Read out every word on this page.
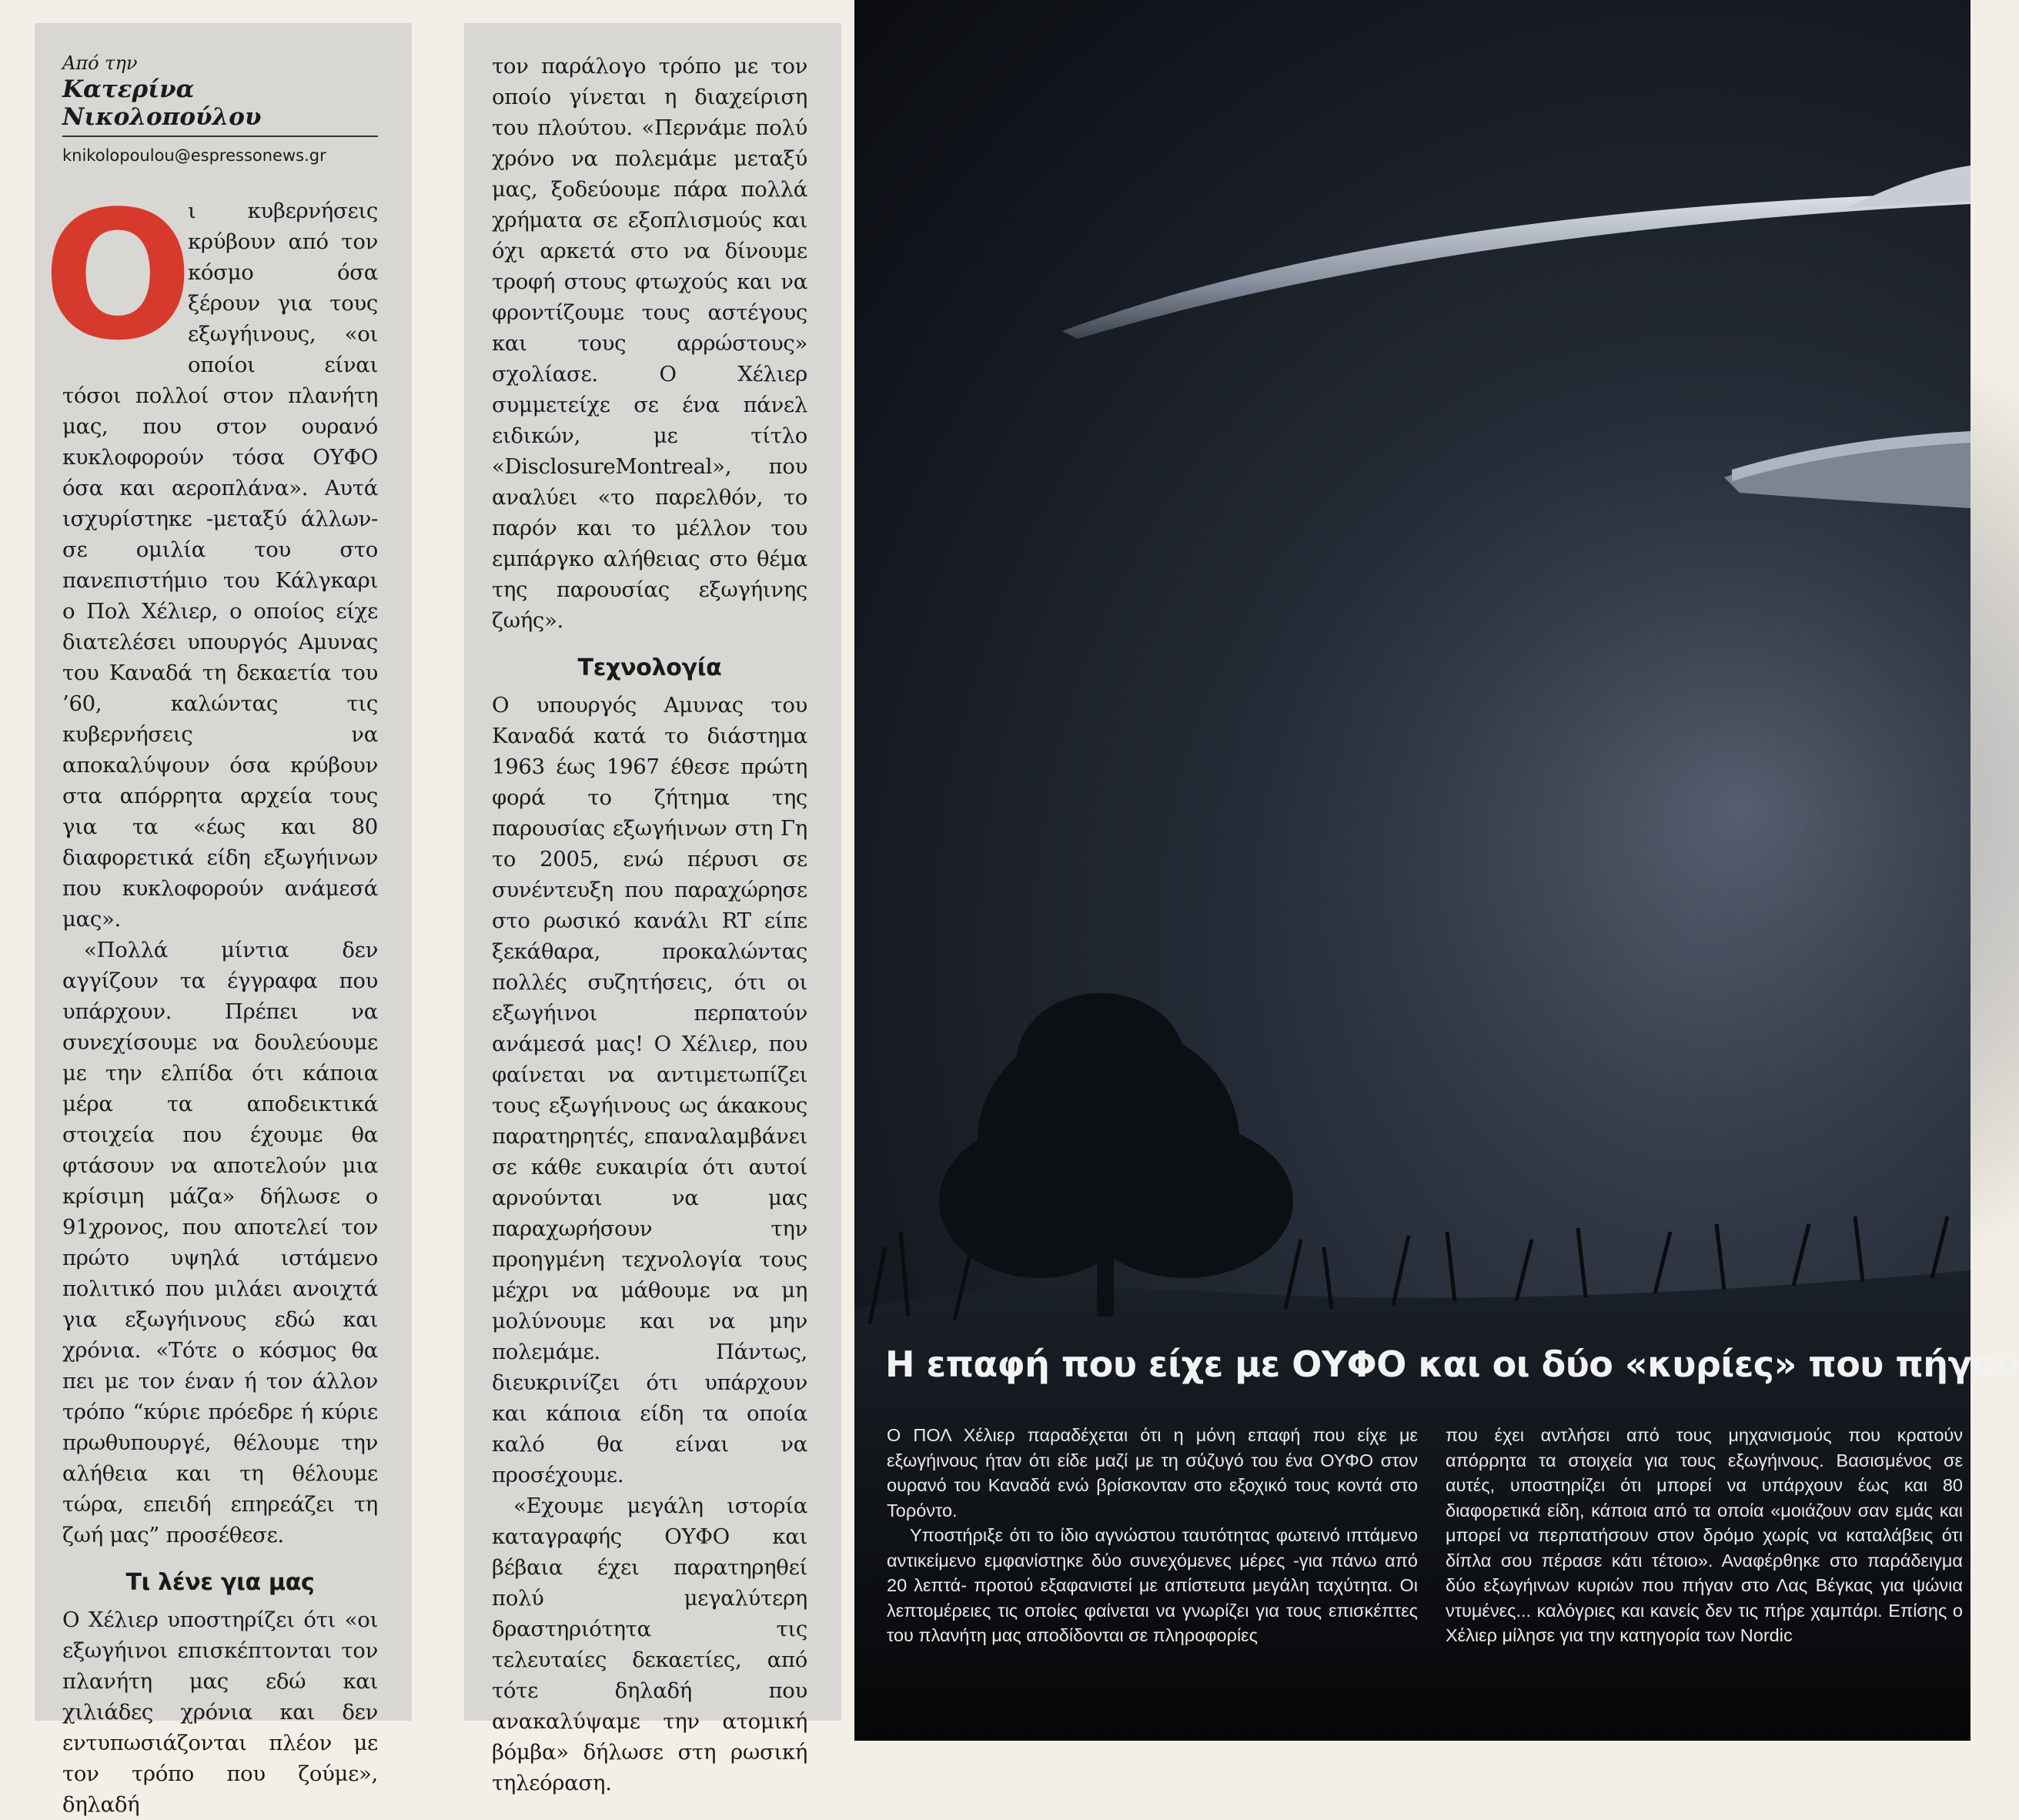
Από την
Κατερίνα Νικολοπούλου
knikolopoulou@espressonews.gr
Ο

ι κυβερνήσεις κρύβουν από τον κόσμο όσα ξέρουν για τους εξωγήινους, «οι οποίοι είναι τόσοι πολλοί στον πλανήτη μας, που στον ουρανό κυκλοφορούν τόσα ΟΥΦΟ όσα και αεροπλάνα». Αυτά ισχυρίστηκε -μεταξύ άλλων- σε ομιλία του στο πανεπιστήμιο του Κάλγκαρι ο Πολ Χέλιερ, ο οποίος είχε διατελέσει υπουργός Αμυνας του Καναδά τη δεκαετία του ’60, καλώντας τις κυβερνήσεις να αποκαλύψουν όσα κρύβουν στα απόρρητα αρχεία τους για τα «έως και 80 διαφορετικά είδη εξωγήινων που κυκλοφορούν ανάμεσά μας».

«Πολλά μίντια δεν αγγίζουν τα έγγραφα που υπάρχουν. Πρέπει να συνεχίσουμε να δουλεύουμε με την ελπίδα ότι κάποια μέρα τα αποδεικτικά στοιχεία που έχουμε θα φτάσουν να αποτελούν μια κρίσιμη μάζα» δήλωσε ο 91χρονος, που αποτελεί τον πρώτο υψηλά ιστάμενο πολιτικό που μιλάει ανοιχτά για εξωγήινους εδώ και χρόνια. «Τότε ο κόσμος θα πει με τον έναν ή τον άλλον τρόπο “κύριε πρόεδρε ή κύριε πρωθυπουργέ, θέλουμε την αλήθεια και τη θέλουμε τώρα, επειδή επηρεάζει τη ζωή μας” προσέθεσε.

Τι λένε για μας

Ο Χέλιερ υποστηρίζει ότι «οι εξωγήινοι επισκέπτονται τον πλανήτη μας εδώ και χιλιάδες χρόνια και δεν εντυπωσιάζονται πλέον με τον τρόπο που ζούμε», δηλαδή

τον παράλογο τρόπο με τον οποίο γίνεται η διαχείριση του πλούτου. «Περνάμε πολύ χρόνο να πολεμάμε μεταξύ μας, ξοδεύουμε πάρα πολλά χρήματα σε εξοπλισμούς και όχι αρκετά στο να δίνουμε τροφή στους φτωχούς και να φροντίζουμε τους αστέγους και τους αρρώστους» σχολίασε. Ο Χέλιερ συμμετείχε σε ένα πάνελ ειδικών, με τίτλο «DisclosureMontreal», που αναλύει «το παρελθόν, το παρόν και το μέλλον του εμπάργκο αλήθειας στο θέμα της παρουσίας εξωγήινης ζωής».

Τεχνολογία

Ο υπουργός Αμυνας του Καναδά κατά το διάστημα 1963 έως 1967 έθεσε πρώτη φορά το ζήτημα της παρουσίας εξωγήινων στη Γη το 2005, ενώ πέρυσι σε συνέντευξη που παραχώρησε στο ρωσικό κανάλι RT είπε ξεκάθαρα, προκαλώντας πολλές συζητήσεις, ότι οι εξωγήινοι περπατούν ανάμεσά μας! Ο Χέλιερ, που φαίνεται να αντιμετωπίζει τους εξωγήινους ως άκακους παρατηρητές, επαναλαμβάνει σε κάθε ευκαιρία ότι αυτοί αρνούνται να μας παραχωρήσουν την προηγμένη τεχνολογία τους μέχρι να μάθουμε να μη μολύνουμε και να μην πολεμάμε. Πάντως, διευκρινίζει ότι υπάρχουν και κάποια είδη τα οποία καλό θα είναι να προσέχουμε.

«Εχουμε μεγάλη ιστορία καταγραφής ΟΥΦΟ και βέβαια έχει παρατηρηθεί πολύ μεγαλύτερη δραστηριότητα τις τελευταίες δεκαετίες, από τότε δηλαδή που ανακαλύψαμε την ατομική βόμβα» δήλωσε στη ρωσική τηλεόραση.

Η επαφή που είχε με ΟΥΦΟ και οι δύο «κυρίες» που πήγαν

Ο ΠΟΛ Χέλιερ παραδέχεται ότι η μόνη επαφή που είχε με εξωγήινους ήταν ότι είδε μαζί με τη σύζυγό του ένα ΟΥΦΟ στον ουρανό του Καναδά ενώ βρίσκονταν στο εξοχικό τους κοντά στο Τορόντο.

Υποστήριξε ότι το ίδιο αγνώστου ταυτότητας φωτεινό ιπτάμενο αντικείμενο εμφανίστηκε δύο συνεχόμενες μέρες -για πάνω από 20 λεπτά- προτού εξαφανιστεί με απίστευτα μεγάλη ταχύτητα. Οι λεπτομέρειες τις οποίες φαίνεται να γνωρίζει για τους επισκέπτες του πλανήτη μας αποδίδονται σε πληροφορίες

που έχει αντλήσει από τους μηχανισμούς που κρατούν απόρρητα τα στοιχεία για τους εξωγήινους. Βασισμένος σε αυτές, υποστηρίζει ότι μπορεί να υπάρχουν έως και 80 διαφορετικά είδη, κάποια από τα οποία «μοιάζουν σαν εμάς και μπορεί να περπατήσουν στον δρόμο χωρίς να καταλάβεις ότι δίπλα σου πέρασε κάτι τέτοιο». Αναφέρθηκε στο παράδειγμα δύο εξωγήινων κυριών που πήγαν στο Λας Βέγκας για ψώνια ντυμένες... καλόγριες και κανείς δεν τις πήρε χαμπάρι. Επίσης ο Χέλιερ μίλησε για την κατηγορία των Nordic
